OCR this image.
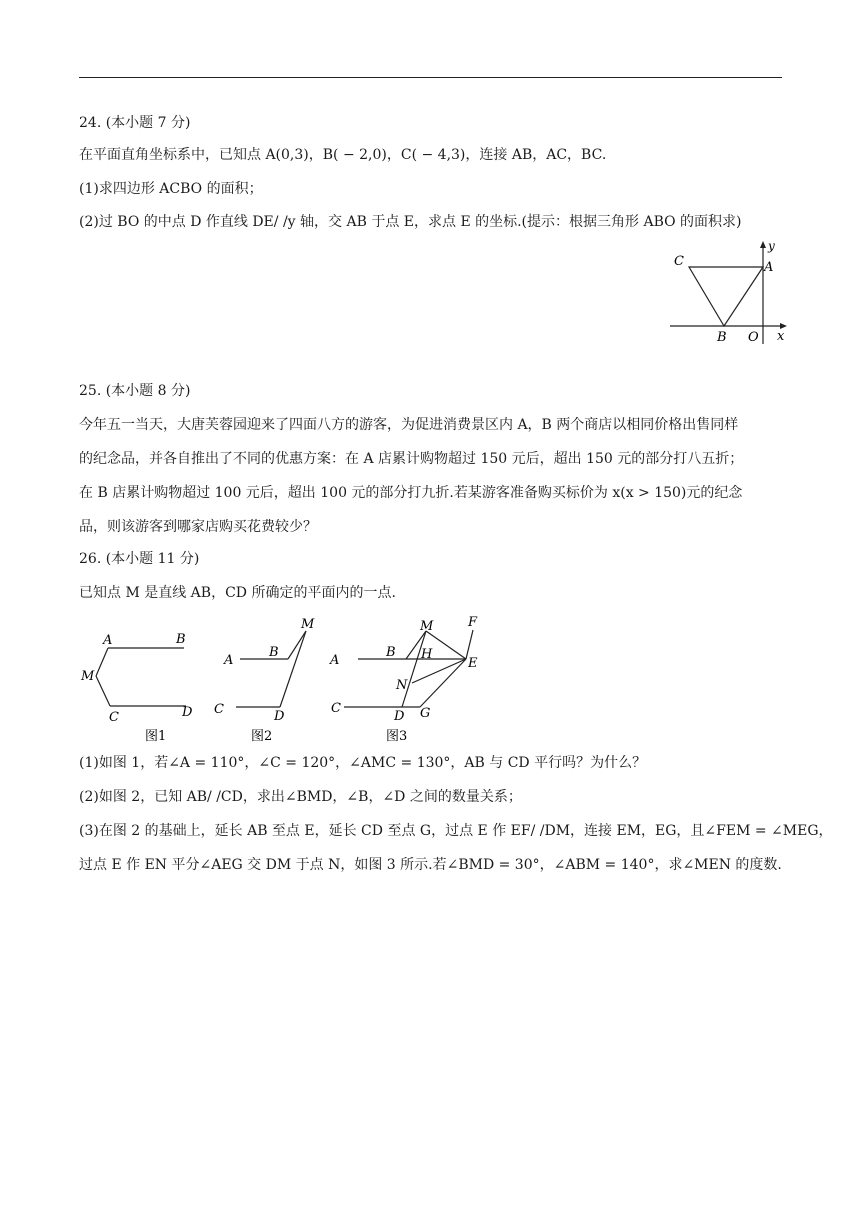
24. (本小题 7 分)
在平面直角坐标系中，已知点 A(0,3)，B( − 2,0)，C( − 4,3)，连接 AB，AC，BC.
(1)求四边形 ACBO 的面积；
(2)过 BO 的中点 D 作直线 DE/ /y 轴，交 AB 于点 E，求点 E 的坐标.(提示：根据三角形 ABO 的面积求)
C	A
B O x
y
25. (本小题 8 分)
今年五一当天，大唐芙蓉园迎来了四面八方的游客，为促进消费景区内 A，B 两个商店以相同价格出售同样
的纪念品，并各自推出了不同的优惠方案：在 A 店累计购物超过 150 元后，超出 150 元的部分打八五折；
在 B 店累计购物超过 100 元后，超出 100 元的部分打九折.若某游客准备购买标价为 x(x > 150)元的纪念
品，则该游客到哪家店购买花费较少？
26. (本小题 11 分)
已知点 M 是直线 AB，CD 所确定的平面内的一点.
A	B
M
C	D
图1
A
B
M
C	D
图2
A
B
M
H
F
E
N
C
D G
图3
(1)如图 1，若∠A = 110°，∠C = 120°，∠AMC = 130°，AB 与 CD 平行吗？为什么？
(2)如图 2，已知 AB/ /CD，求出∠BMD，∠B，∠D 之间的数量关系；
(3)在图 2 的基础上，延长 AB 至点 E，延长 CD 至点 G，过点 E 作 EF/ /DM，连接 EM，EG，且∠FEM = ∠MEG，
过点 E 作 EN 平分∠AEG 交 DM 于点 N，如图 3 所示.若∠BMD = 30°，∠ABM = 140°，求∠MEN 的度数.
